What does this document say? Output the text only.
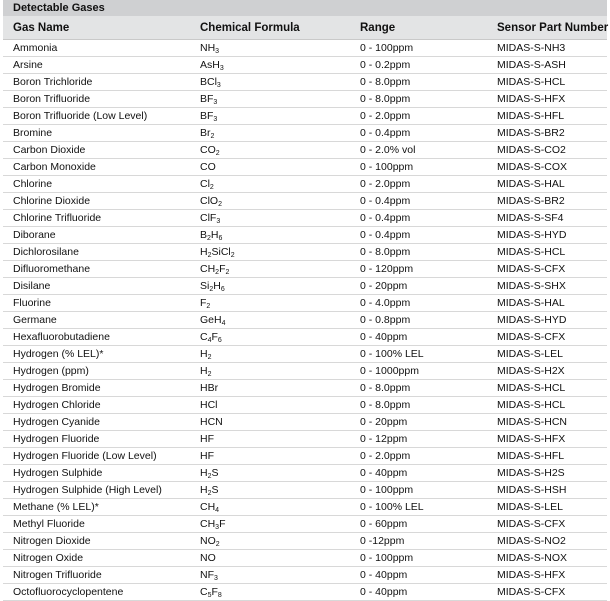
Detectable Gases
Gas Name	Chemical Formula	Range	Sensor Part Number
Ammonia	$NH_3$	0 - 100ppm	MIDAS-S-NH3
Arsine	AsH$_3$	0 - 0.2ppm	MIDAS-S-ASH
Boron Trichloride	BCl$_3$	0 - 8.0ppm	MIDAS-S-HCL
Boron Trifluoride	$BF_3$	0 - 8.0ppm	MIDAS-S-HFX
Boron Trifluoride (Low Level)	$BF_3$	0 - 2.0ppm	MIDAS-S-HFL
Bromine	$Br_2$	0 - 0.4ppm	MIDAS-S-BR2
Carbon Dioxide	$CO_2$	0 - 2.0% vol	MIDAS-S-CO2
Carbon Monoxide	CO	0 - 100ppm	MIDAS-S-COX
Chlorine	$Cl_2$	0 - 2.0ppm	MIDAS-S-HAL
Chlorine Dioxide	ClO$_2$	0 - 0.4ppm	MIDAS-S-BR2
Chlorine Trifluoride	ClF$_3$	0 - 0.4ppm	MIDAS-S-SF4
Diborane	$B_2H_6$	0 - 0.4ppm	MIDAS-S-HYD
Dichlorosilane	$H_2SiCl_2$	0 - 8.0ppm	MIDAS-S-HCL
Difluoromethane	$CH_2F_2$	0 - 120ppm	MIDAS-S-CFX
Disilane	$Si_2H_6$	0 - 20ppm	MIDAS-S-SHX
Fluorine	$F_2$	0 - 4.0ppm	MIDAS-S-HAL
Germane	GeH$_4$	0 - 0.8ppm	MIDAS-S-HYD
Hexafluorobutadiene	$C_4F_6$	0 - 40ppm	MIDAS-S-CFX
Hydrogen (% LEL)*	$H_2$	0 - 100% LEL	MIDAS-S-LEL
Hydrogen (ppm)	$H_2$	0 - 1000ppm	MIDAS-S-H2X
Hydrogen Bromide	HBr	0 - 8.0ppm	MIDAS-S-HCL
Hydrogen Chloride	HCl	0 - 8.0ppm	MIDAS-S-HCL
Hydrogen Cyanide	HCN	0 - 20ppm	MIDAS-S-HCN
Hydrogen Fluoride	HF	0 - 12ppm	MIDAS-S-HFX
Hydrogen Fluoride (Low Level)	HF	0 - 2.0ppm	MIDAS-S-HFL
Hydrogen Sulphide	$H_2S$	0 - 40ppm	MIDAS-S-H2S
Hydrogen Sulphide (High Level)	$H_2S$	0 - 100ppm	MIDAS-S-HSH
Methane (% LEL)*	$CH_4$	0 - 100% LEL	MIDAS-S-LEL
Methyl Fluoride	$CH_3F$	0 - 60ppm	MIDAS-S-CFX
Nitrogen Dioxide	$NO_2$	0 -12ppm	MIDAS-S-NO2
Nitrogen Oxide	NO	0 - 100ppm	MIDAS-S-NOX
Nitrogen Trifluoride	$NF_3$	0 - 40ppm	MIDAS-S-HFX
Octofluorocyclopentene	$C_5F_8$	0 - 40ppm	MIDAS-S-CFX
